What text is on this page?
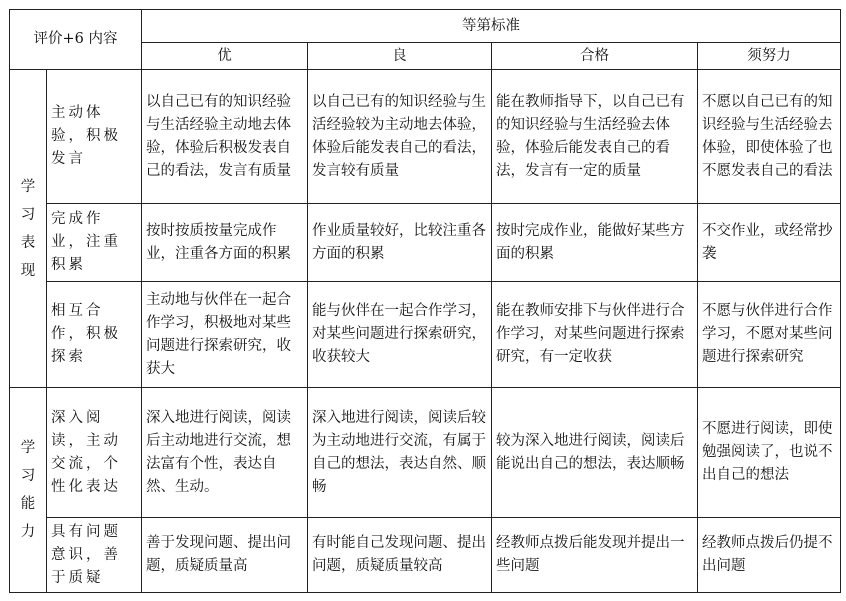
评价+6 内容		等第标准			
		优	良	合格	须努力

学
习
表
现	主动体验，积极发言	以自己已有的知识经验与生活经验主动地去体验，体验后积极发表自己的看法，发言有质量	以自己已有的知识经验与生活经验较为主动地去体验，体验后能发表自己的看法，发言较有质量	能在教师指导下，以自己已有的知识经验与生活经验去体验，体验后能发表自己的看法，发言有一定的质量	不愿以自己已有的知识经验与生活经验去体验，即使体验了也不愿发表自己的看法
	完成作业，注重积累	按时按质按量完成作业，注重各方面的积累	作业质量较好，比较注重各方面的积累	按时完成作业，能做好某些方面的积累	不交作业，或经常抄袭
	相互合作，积极探索	主动地与伙伴在一起合作学习，积极地对某些问题进行探索研究，收获大	能与伙伴在一起合作学习，对某些问题进行探索研究，收获较大	能在教师安排下与伙伴进行合作学习，对某些问题进行探索研究，有一定收获	不愿与伙伴进行合作学习，不愿对某些问题进行探索研究

学
习
能
力	深入阅读，主动交流，个性化表达	深入地进行阅读，阅读后主动地进行交流，想法富有个性，表达自然、生动。	深入地进行阅读，阅读后较为主动地进行交流，有属于自己的想法，表达自然、顺畅	较为深入地进行阅读，阅读后能说出自己的想法，表达顺畅	不愿进行阅读，即使勉强阅读了，也说不出自己的想法
	具有问题意识，善于质疑	善于发现问题、提出问题，质疑质量高	有时能自己发现问题、提出问题，质疑质量较高	经教师点拨后能发现并提出一些问题	经教师点拨后仍提不出问题
